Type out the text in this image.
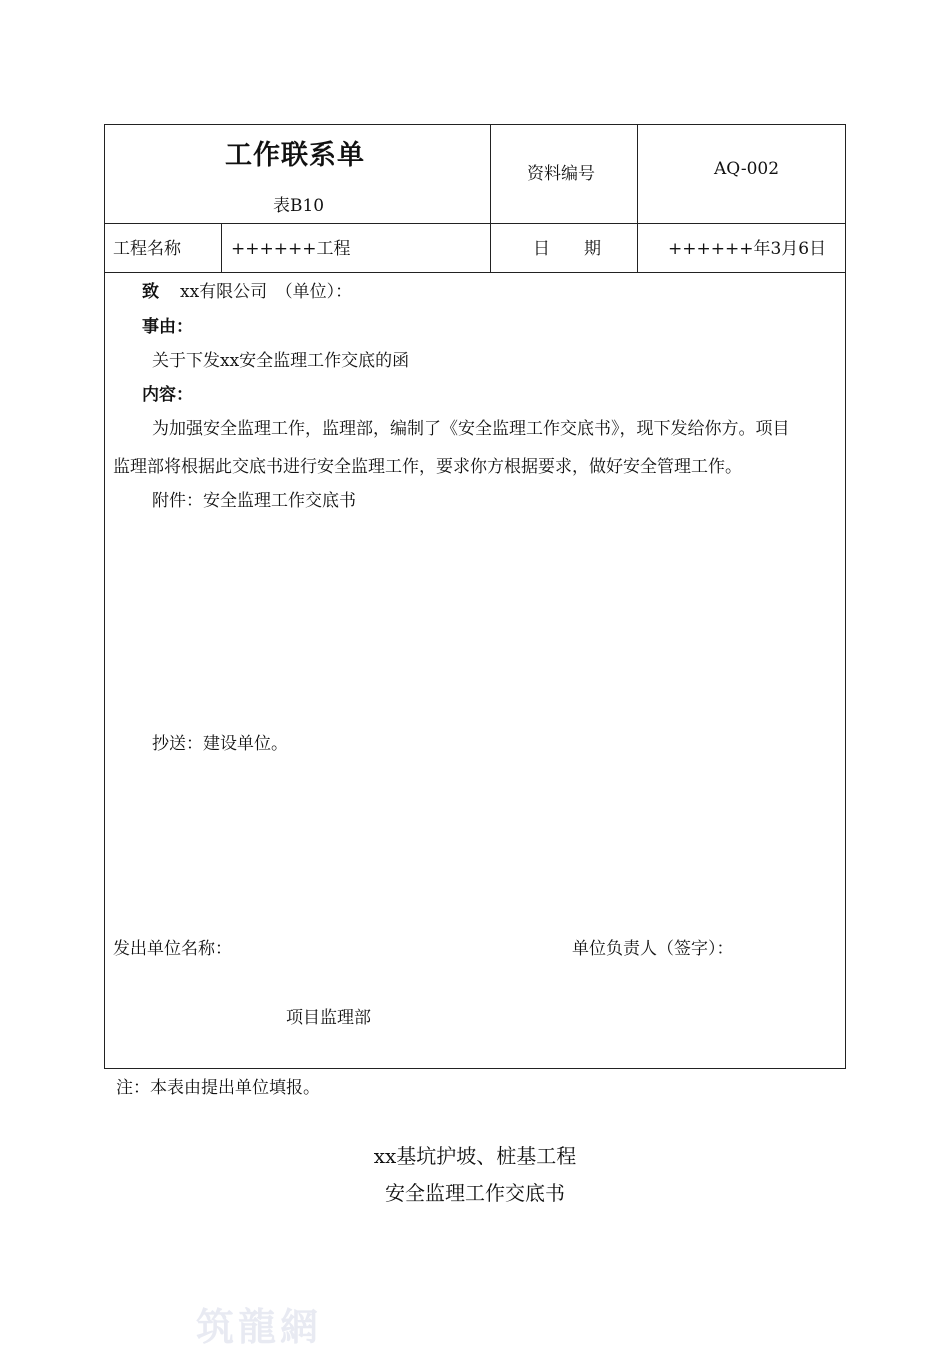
工作联系单
表B10
资料编号	AQ-002
工程名称	++++++工程	日　　期	++++++年3月6日
致 xx有限公司　（单位）：
事由：
关于下发xx安全监理工作交底的函
内容：
为加强安全监理工作，监理部，编制了《安全监理工作交底书》，现下发给你方。项目
监理部将根据此交底书进行安全监理工作，要求你方根据要求，做好安全管理工作。
附件：安全监理工作交底书
抄送：建设单位。
发出单位名称：	单位负责人（签字）：
项目监理部
注：本表由提出单位填报。
xx基坑护坡、桩基工程
安全监理工作交底书
筑龍網
